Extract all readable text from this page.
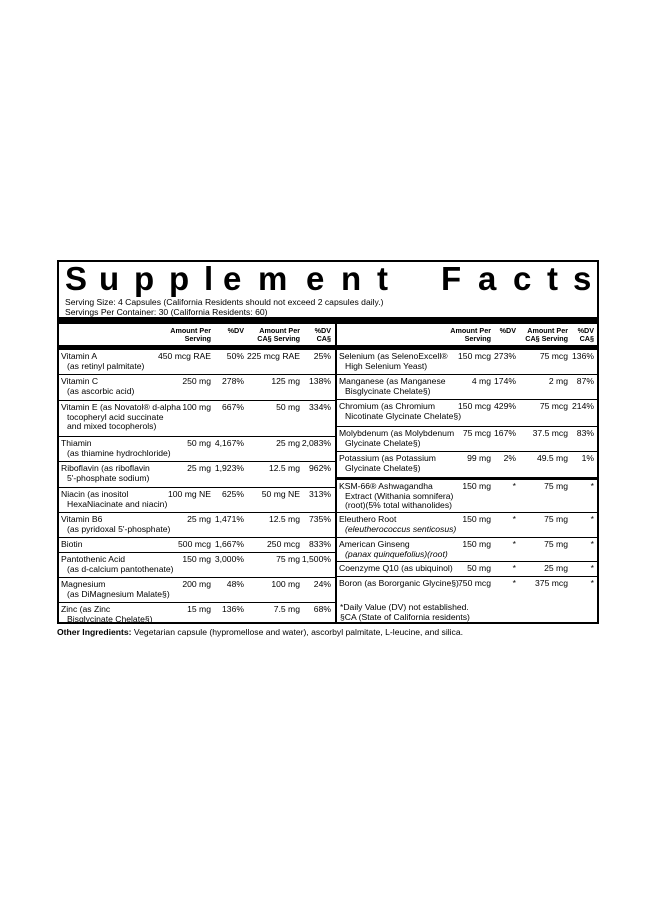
S u p p l e m e n t F a c t s
Serving Size: 4 Capsules (California Residents should not exceed 2 capsules daily.)
Servings Per Container: 30 (California Residents: 60)
Amount Per
Serving
%DV	Amount Per
CA§ Serving
%DV
CA§
Vitamin A
(as retinyl palmitate)
450 mcg RAE	50% 225 mcg RAE	25%
Vitamin C
(as ascorbic acid)
250 mg	278%	125 mg	138%
Vitamin E (as Novatol® d-alpha
tocopheryl acid succinate
and mixed tocopherols)
100 mg	667%	50 mg	334%
Thiamin
(as thiamine hydrochloride)
50 mg 4,167%	25 mg 2,083%
Riboflavin (as riboflavin
5'-phosphate sodium)
25 mg 1,923%	12.5 mg	962%
Niacin (as inositol
HexaNiacinate and niacin)
100 mg NE	625%	50 mg NE	313%
Vitamin B6
(as pyridoxal 5'-phosphate)
25 mg 1,471%	12.5 mg	735%
Biotin	500 mcg 1,667%	250 mcg	833%
Pantothenic Acid
(as d-calcium pantothenate)
150 mg 3,000%	75 mg 1,500%
Magnesium
(as DiMagnesium Malate§)
200 mg	48%	100 mg	24%
Zinc (as Zinc
Bisglycinate Chelate§)
15 mg	136%	7.5 mg	68%
Amount Per
Serving
%DV	Amount Per
CA§ Serving
%DV
CA§
Selenium (as SelenoExcell®
High Selenium Yeast)
150 mcg 273%	75 mcg 136%
Manganese (as Manganese
Bisglycinate Chelate§)
4 mg 174%	2 mg	87%
Chromium (as Chromium
Nicotinate Glycinate Chelate§)
150 mcg 429%	75 mcg 214%
Molybdenum (as Molybdenum
Glycinate Chelate§)
75 mcg 167%	37.5 mcg	83%
Potassium (as Potassium
Glycinate Chelate§)
99 mg	2%	49.5 mg	1%
KSM-66® Ashwagandha
Extract (Withania somnifera)
(root)(5% total withanolides)
150 mg	*	75 mg	*
Eleuthero Root
(eleutherococcus senticosus)
150 mg	*	75 mg	*
American Ginseng
(panax quinquefolius)(root)
150 mg	*	75 mg	*
Coenzyme Q10 (as ubiquinol)	50 mg	*	25 mg	*
Boron (as Bororganic Glycine§) 750 mcg	*	375 mcg	*
*Daily Value (DV) not established.
§CA (State of California residents)
Other Ingredients: Vegetarian capsule (hypromellose and water), ascorbyl palmitate, L-leucine, and silica.
